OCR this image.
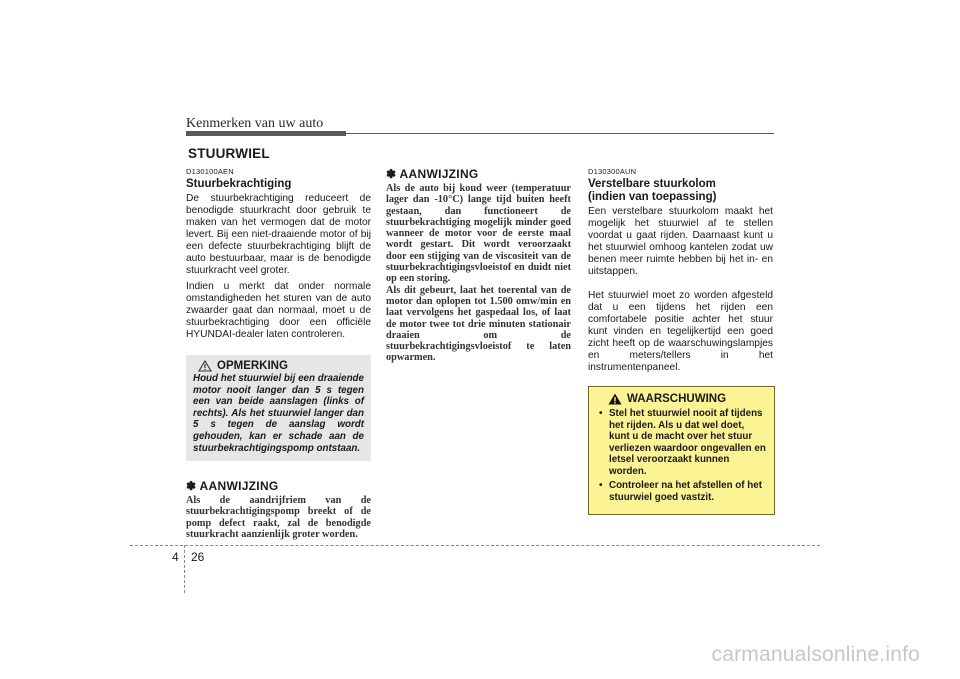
Kenmerken van uw auto
STUURWIEL

D130100AEN

Stuurbekrachtiging

De stuurbekrachtiging reduceert de benodigde stuurkracht door gebruik te maken van het vermogen dat de motor levert. Bij een niet-draaiende motor of bij een defecte stuurbekrachtiging blijft de auto bestuurbaar, maar is de benodigde stuurkracht veel groter.

Indien u merkt dat onder normale omstandigheden het sturen van de auto zwaarder gaat dan normaal, moet u de stuurbekrachtiging door een officiële HYUNDAI-dealer laten controleren.

OPMERKING

Houd het stuurwiel bij een draaiende motor nooit langer dan 5 s tegen een van beide aanslagen (links of rechts). Als het stuurwiel langer dan 5 s tegen de aanslag wordt gehouden, kan er schade aan de stuurbekrachtigingspomp ontstaan.

✽ AANWIJZING

Als de aandrijfriem van de stuurbekrachtigingspomp breekt of de pomp defect raakt, zal de benodigde stuurkracht aanzienlijk groter worden.

✽ AANWIJZING

Als de auto bij koud weer (temperatuur lager dan -10°C) lange tijd buiten heeft gestaan, dan functioneert de stuurbekrachtiging mogelijk minder goed wanneer de motor voor de eerste maal wordt gestart. Dit wordt veroorzaakt door een stijging van de viscositeit van de stuurbekrachtigingsvloeistof en duidt niet op een storing.

Als dit gebeurt, laat het toerental van de motor dan oplopen tot 1.500 omw/min en laat vervolgens het gaspedaal los, of laat de motor twee tot drie minuten stationair draaien om de stuurbekrachtigingsvloeistof te laten opwarmen.

D130300AUN

Verstelbare stuurkolom
(indien van toepassing)

Een verstelbare stuurkolom maakt het mogelijk het stuurwiel af te stellen voordat u gaat rijden. Daarnaast kunt u het stuurwiel omhoog kantelen zodat uw benen meer ruimte hebben bij het in- en uitstappen.

Het stuurwiel moet zo worden afgesteld dat u een tijdens het rijden een comfortabele positie achter het stuur kunt vinden en tegelijkertijd een goed zicht heeft op de waarschuwingslampjes en meters/tellers in het instrumentenpaneel.

WAARSCHUWING
• Stel het stuurwiel nooit af tijdens het rijden. Als u dat wel doet, kunt u de macht over het stuur verliezen waardoor ongevallen en letsel veroorzaakt kunnen worden.
• Controleer na het afstellen of het stuurwiel goed vastzit.
4 26
carmanualsonline.info
